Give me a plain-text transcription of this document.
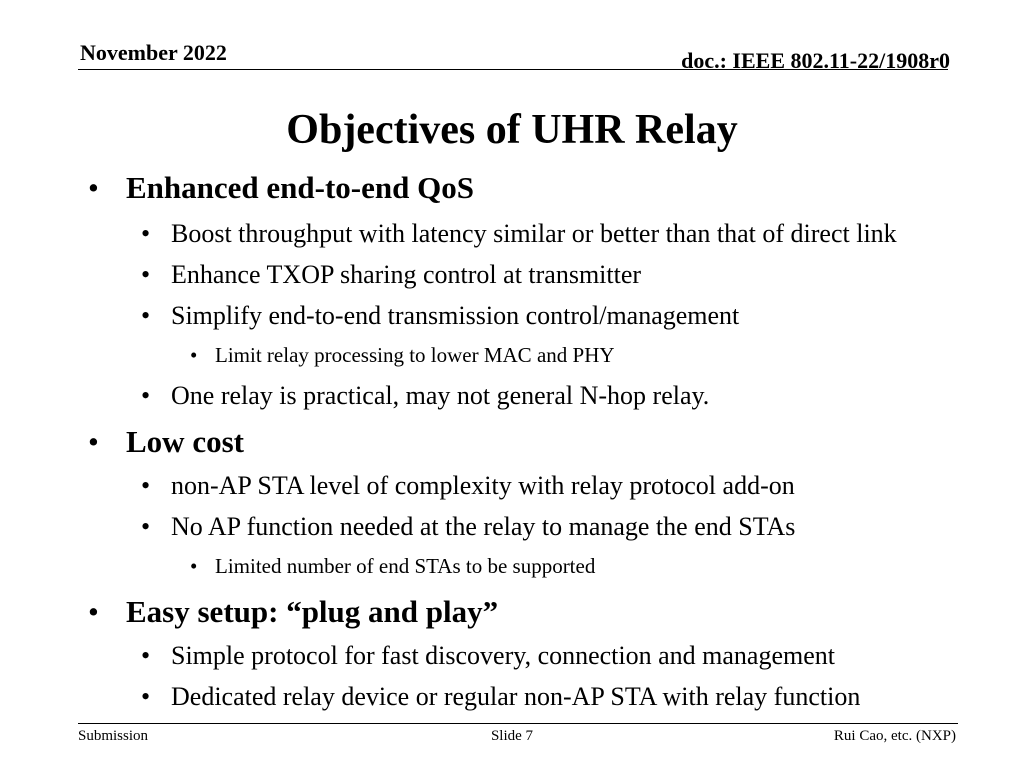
November 2022	doc.: IEEE 802.11-22/1908r0
Objectives of UHR Relay
• Enhanced end-to-end QoS
• Boost throughput with latency similar or better than that of direct link
• Enhance TXOP sharing control at transmitter
• Simplify end-to-end transmission control/management
• Limit relay processing to lower MAC and PHY
• One relay is practical, may not general N-hop relay.
• Low cost
• non-AP STA level of complexity with relay protocol add-on
• No AP function needed at the relay to manage the end STAs
• Limited number of end STAs to be supported
• Easy setup: “plug and play”
• Simple protocol for fast discovery, connection and management
• Dedicated relay device or regular non-AP STA with relay function
Submission	Slide 7	Rui Cao, etc. (NXP)
